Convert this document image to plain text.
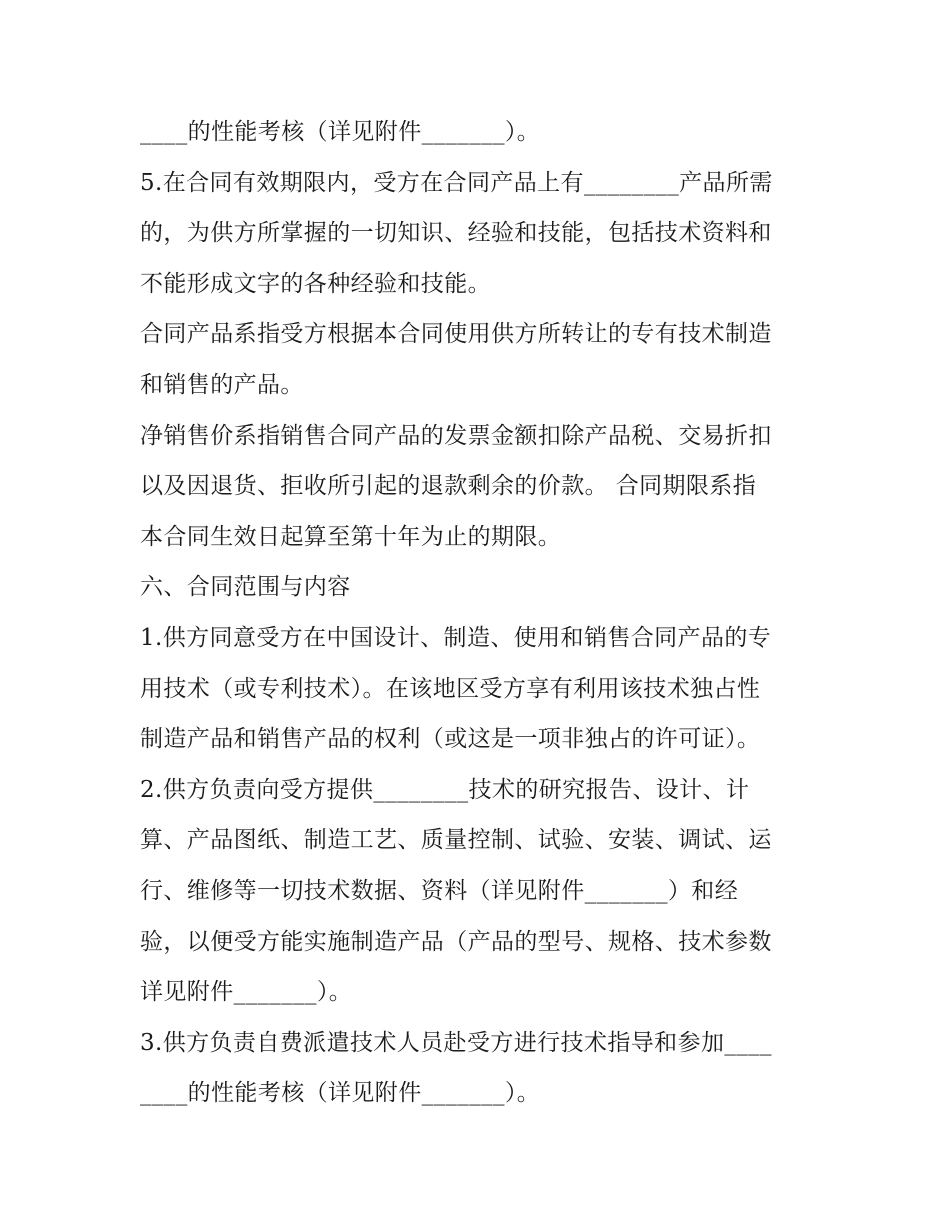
____的性能考核（详见附件_______）。
5.在合同有效期限内，受方在合同产品上有________产品所需
的，为供方所掌握的一切知识、经验和技能，包括技术资料和
不能形成文字的各种经验和技能。
合同产品系指受方根据本合同使用供方所转让的专有技术制造
和销售的产品。
净销售价系指销售合同产品的发票金额扣除产品税、交易折扣
以及因退货、拒收所引起的退款剩余的价款。 合同期限系指
本合同生效日起算至第十年为止的期限。
六、合同范围与内容
1.供方同意受方在中国设计、制造、使用和销售合同产品的专
用技术（或专利技术）。在该地区受方享有利用该技术独占性
制造产品和销售产品的权利（或这是一项非独占的许可证）。
2.供方负责向受方提供________技术的研究报告、设计、计
算、产品图纸、制造工艺、质量控制、试验、安装、调试、运
行、维修等一切技术数据、资料（详见附件_______）和经
验，以便受方能实施制造产品（产品的型号、规格、技术参数
详见附件_______）。
3.供方负责自费派遣技术人员赴受方进行技术指导和参加____
____的性能考核（详见附件_______）。
